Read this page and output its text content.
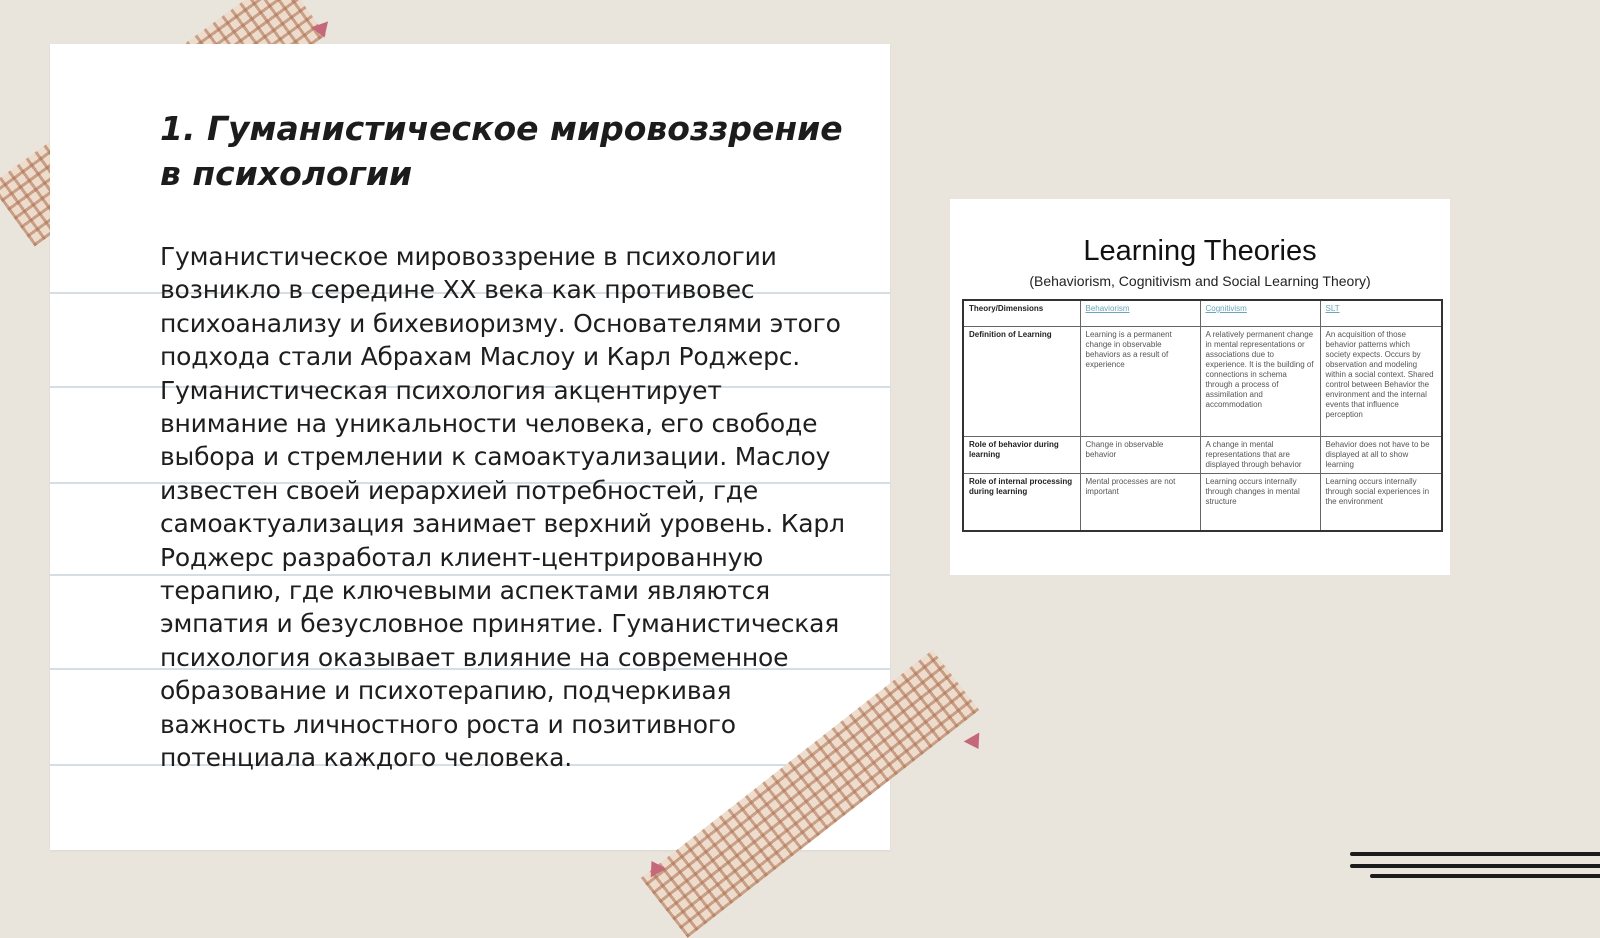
1. Гуманистическое мировоззрение в психологии

Гуманистическое мировоззрение в психологии возникло в середине XX века как противовес психоанализу и бихевиоризму. Основателями этого подхода стали Абрахам Маслоу и Карл Роджерс. Гуманистическая психология акцентирует внимание на уникальности человека, его свободе выбора и стремлении к самоактуализации. Маслоу известен своей иерархией потребностей, где самоактуализация занимает верхний уровень. Карл Роджерс разработал клиент-центрированную терапию, где ключевыми аспектами являются эмпатия и безусловное принятие. Гуманистическая психология оказывает влияние на современное образование и психотерапию, подчеркивая важность личностного роста и позитивного потенциала каждого человека.

Learning Theories
(Behaviorism, Cognitivism and Social Learning Theory)
Theory/Dimensions	Behaviorism	Cognitivism	SLT
Definition of Learning	Learning is a permanent change in observable behaviors as a result of experience	A relatively permanent change in mental representations or associations due to experience. It is the building of connections in schema through a process of assimilation and accommodation	An acquisition of those behavior patterns which society expects. Occurs by observation and modeling within a social context. Shared control between Behavior the environment and the internal events that influence perception
Role of behavior during learning	Change in observable behavior	A change in mental representations that are displayed through behavior	Behavior does not have to be displayed at all to show learning
Role of internal processing during learning	Mental processes are not important	Learning occurs internally through changes in mental structure	Learning occurs internally through social experiences in the environment
